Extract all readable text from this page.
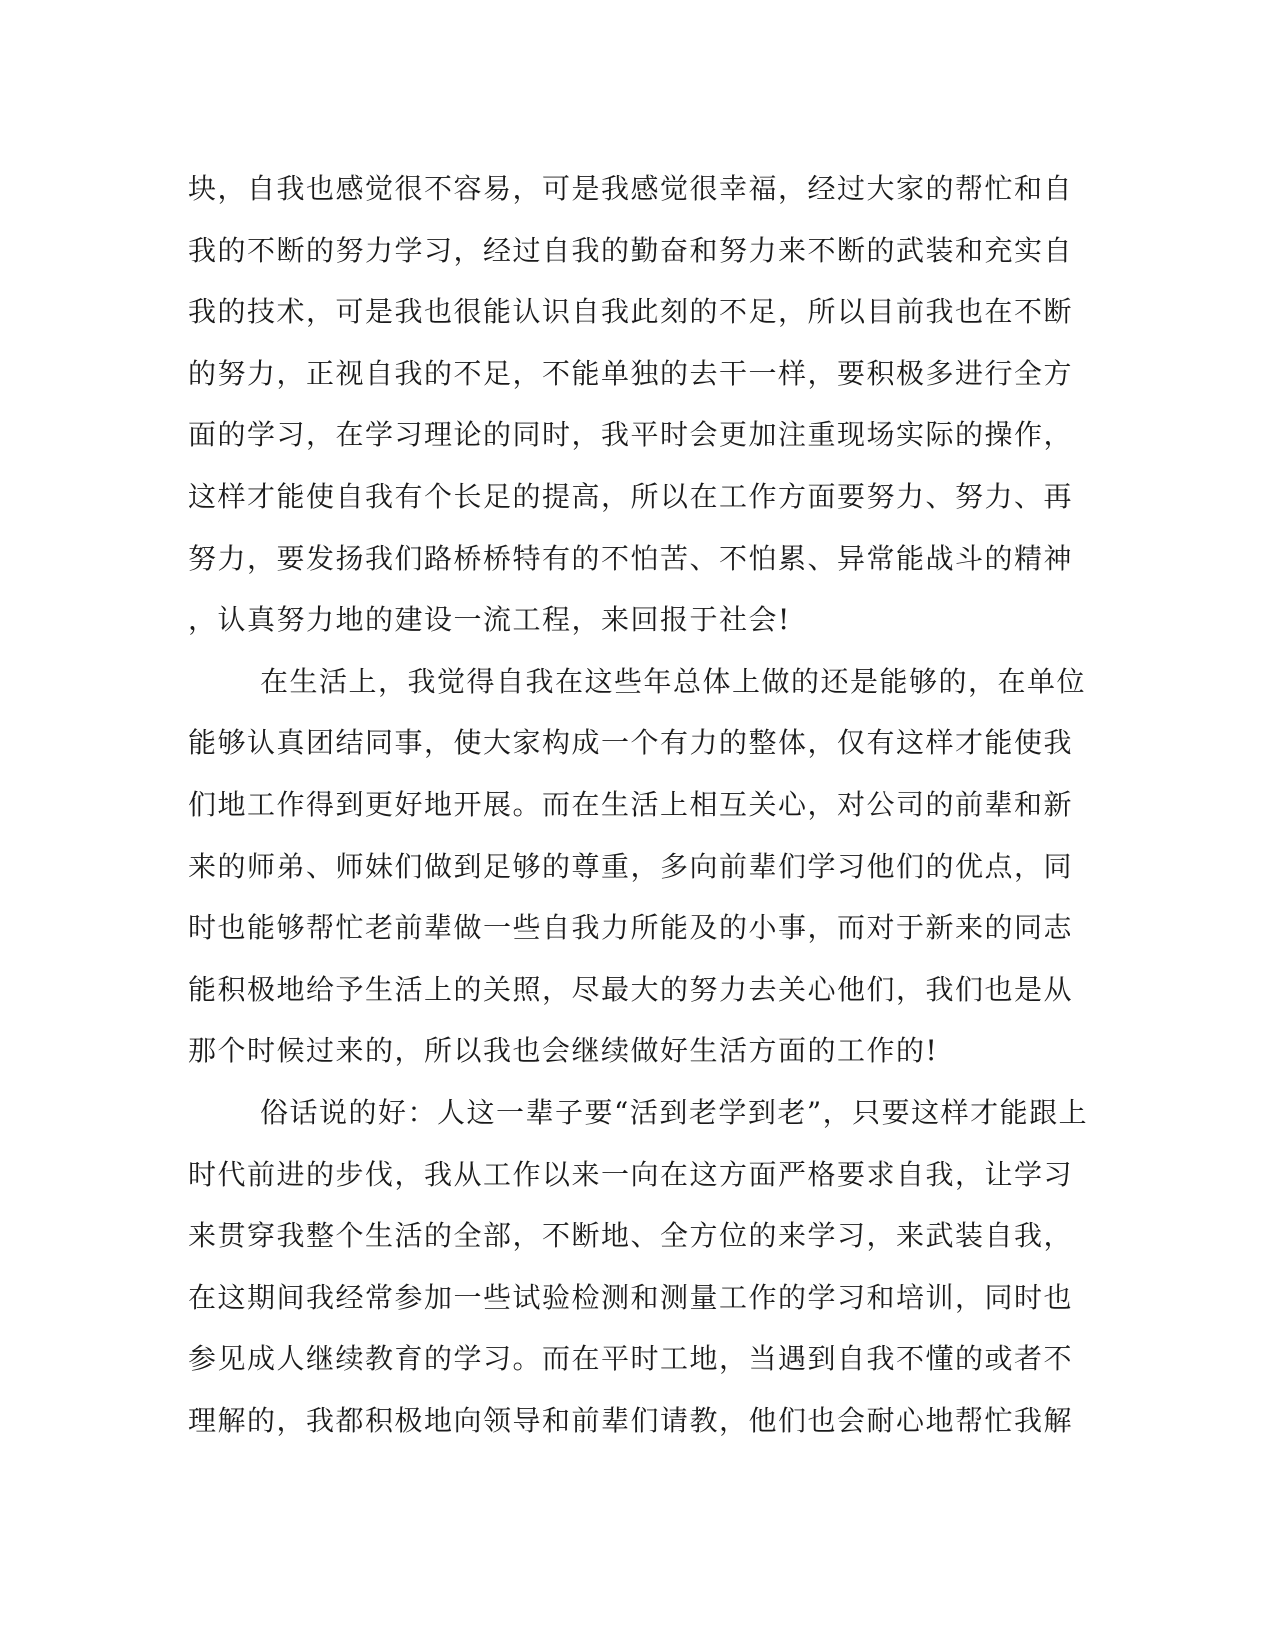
块，自我也感觉很不容易，可是我感觉很幸福，经过大家的帮忙和自
我的不断的努力学习，经过自我的勤奋和努力来不断的武装和充实自
我的技术，可是我也很能认识自我此刻的不足，所以目前我也在不断
的努力，正视自我的不足，不能单独的去干一样，要积极多进行全方
面的学习，在学习理论的同时，我平时会更加注重现场实际的操作，
这样才能使自我有个长足的提高，所以在工作方面要努力、努力、再
努力，要发扬我们路桥桥特有的不怕苦、不怕累、异常能战斗的精神
，认真努力地的建设一流工程，来回报于社会!
在生活上，我觉得自我在这些年总体上做的还是能够的，在单位
能够认真团结同事，使大家构成一个有力的整体，仅有这样才能使我
们地工作得到更好地开展。而在生活上相互关心，对公司的前辈和新
来的师弟、师妹们做到足够的尊重，多向前辈们学习他们的优点，同
时也能够帮忙老前辈做一些自我力所能及的小事，而对于新来的同志
能积极地给予生活上的关照，尽最大的努力去关心他们，我们也是从
那个时候过来的，所以我也会继续做好生活方面的工作的!
俗话说的好：人这一辈子要“活到老学到老”，只要这样才能跟上
时代前进的步伐，我从工作以来一向在这方面严格要求自我，让学习
来贯穿我整个生活的全部，不断地、全方位的来学习，来武装自我，
在这期间我经常参加一些试验检测和测量工作的学习和培训，同时也
参见成人继续教育的学习。而在平时工地，当遇到自我不懂的或者不
理解的，我都积极地向领导和前辈们请教，他们也会耐心地帮忙我解
